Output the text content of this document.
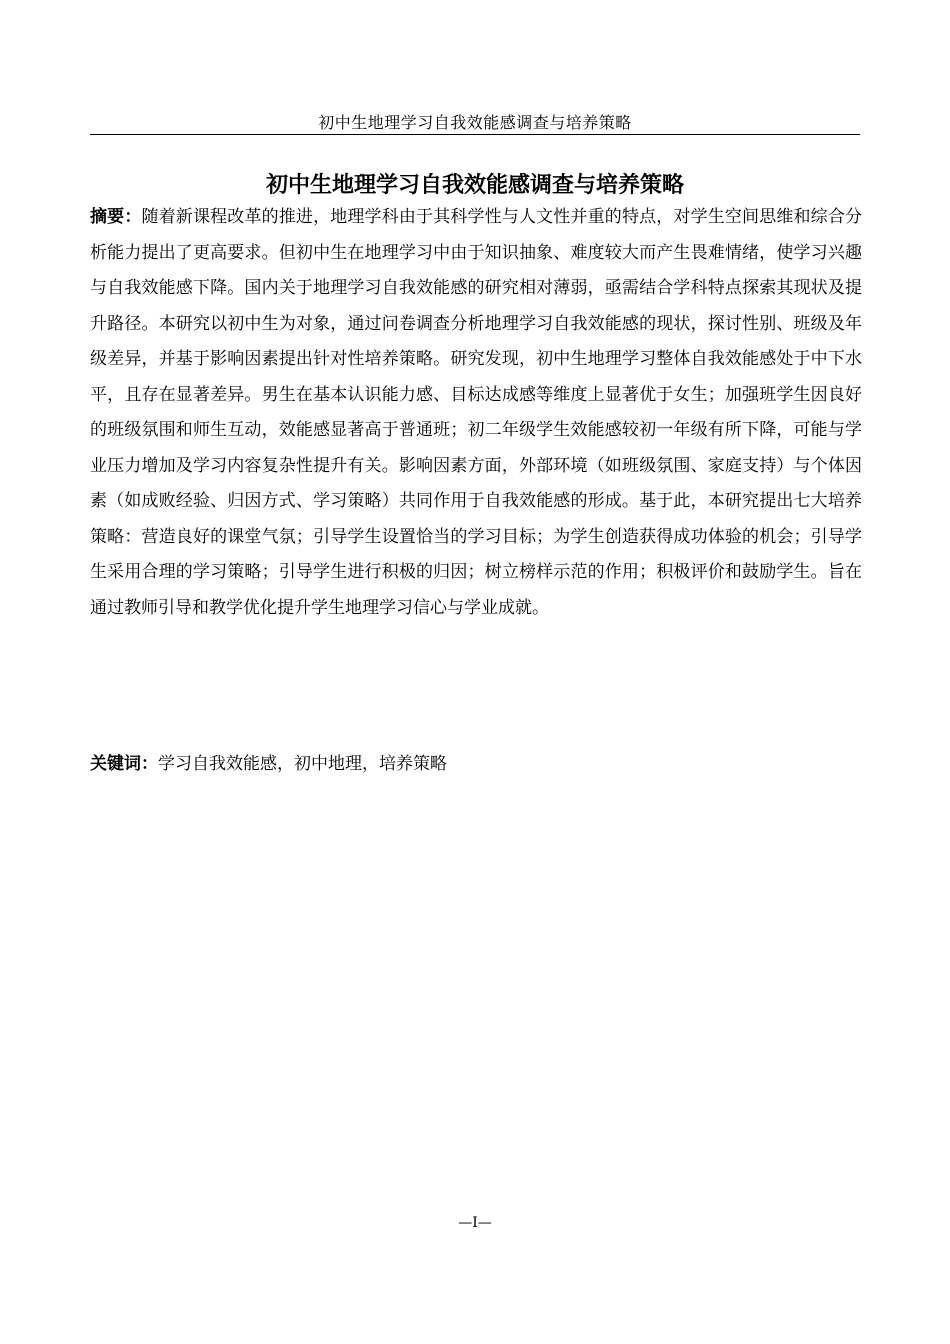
初中生地理学习自我效能感调查与培养策略
初中生地理学习自我效能感调查与培养策略

摘要：随着新课程改革的推进，地理学科由于其科学性与人文性并重的特点，对学生空间思维和综合分析能力提出了更高要求。但初中生在地理学习中由于知识抽象、难度较大而产生畏难情绪，使学习兴趣与自我效能感下降。国内关于地理学习自我效能感的研究相对薄弱，亟需结合学科特点探索其现状及提升路径。本研究以初中生为对象，通过问卷调查分析地理学习自我效能感的现状，探讨性别、班级及年级差异，并基于影响因素提出针对性培养策略。研究发现，初中生地理学习整体自我效能感处于中下水平，且存在显著差异。男生在基本认识能力感、目标达成感等维度上显著优于女生；加强班学生因良好的班级氛围和师生互动，效能感显著高于普通班；初二年级学生效能感较初一年级有所下降，可能与学业压力增加及学习内容复杂性提升有关。影响因素方面，外部环境（如班级氛围、家庭支持）与个体因素（如成败经验、归因方式、学习策略）共同作用于自我效能感的形成。基于此，本研究提出七大培养策略：营造良好的课堂气氛；引导学生设置恰当的学习目标；为学生创造获得成功体验的机会；引导学生采用合理的学习策略；引导学生进行积极的归因；树立榜样示范的作用；积极评价和鼓励学生。旨在通过教师引导和教学优化提升学生地理学习信心与学业成就。

关键词：学习自我效能感，初中地理，培养策略

—I—
